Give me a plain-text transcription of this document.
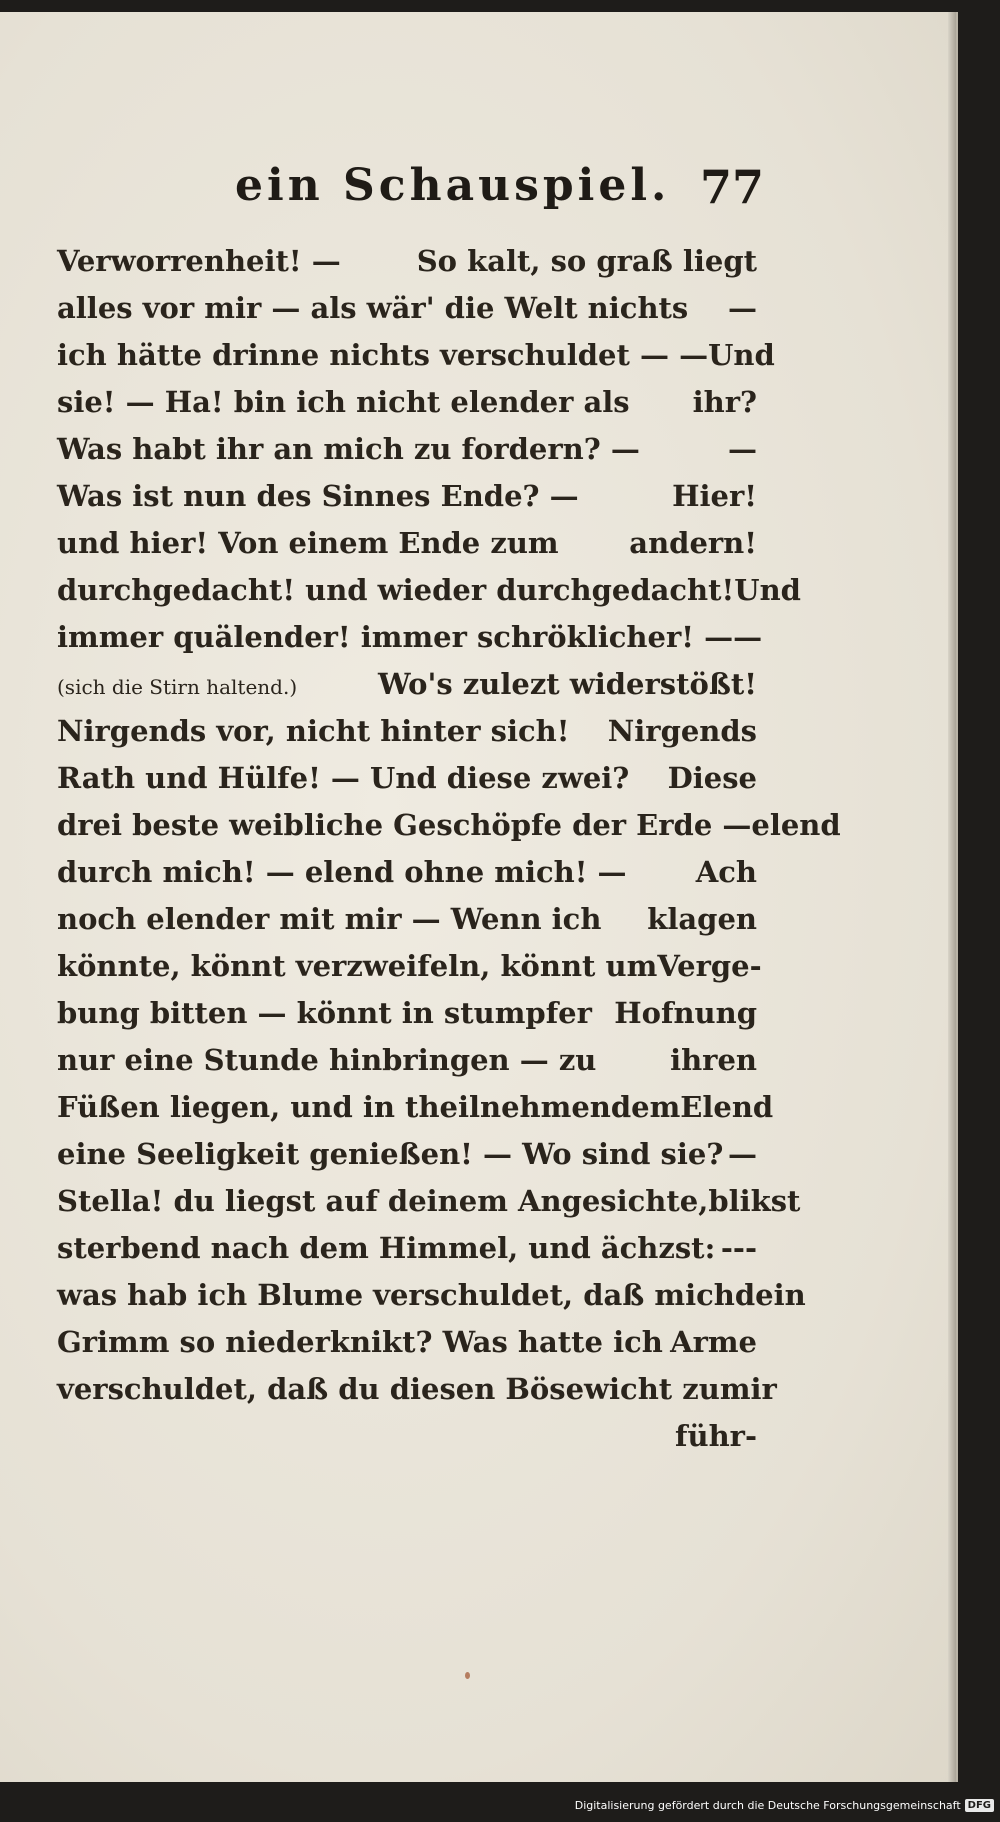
ein Schauspiel. 77
Verworrenheit! —	So kalt, so graß liegt
alles vor mir — als wär' die Welt nichts —
ich hätte drinne nichts verschuldet — — Und
sie! — Ha! bin ich nicht elender als ihr?
Was habt ihr an mich zu fordern? —	—
Was ist nun des Sinnes Ende? —	Hier!
und hier! Von einem Ende zum andern!
durchgedacht! und wieder durchgedacht! Und
immer quälender! immer schröklicher! — —
(sich die Stirn haltend.)	Wo's zulezt widerstößt!
Nirgends vor, nicht hinter sich! Nirgends
Rath und Hülfe! — Und diese zwei? Diese
drei beste weibliche Geschöpfe der Erde — elend
durch mich! — elend ohne mich! — Ach
noch elender mit mir — Wenn ich klagen
könnte, könnt verzweifeln, könnt um Verge-
bung bitten — könnt in stumpfer Hofnung
nur eine Stunde hinbringen — zu	ihren
Füßen liegen, und in theilnehmendem Elend
eine Seeligkeit genießen! — Wo sind sie? —
Stella! du liegst auf deinem Angesichte, blikst
sterbend nach dem Himmel, und ächzst: ---
was hab ich Blume verschuldet, daß mich dein
Grimm so niederknikt? Was hatte ich Arme
verschuldet, daß du diesen Bösewicht zu mir
führ-
Digitalisierung gefördert durch die Deutsche Forschungsgemeinschaft DFG
